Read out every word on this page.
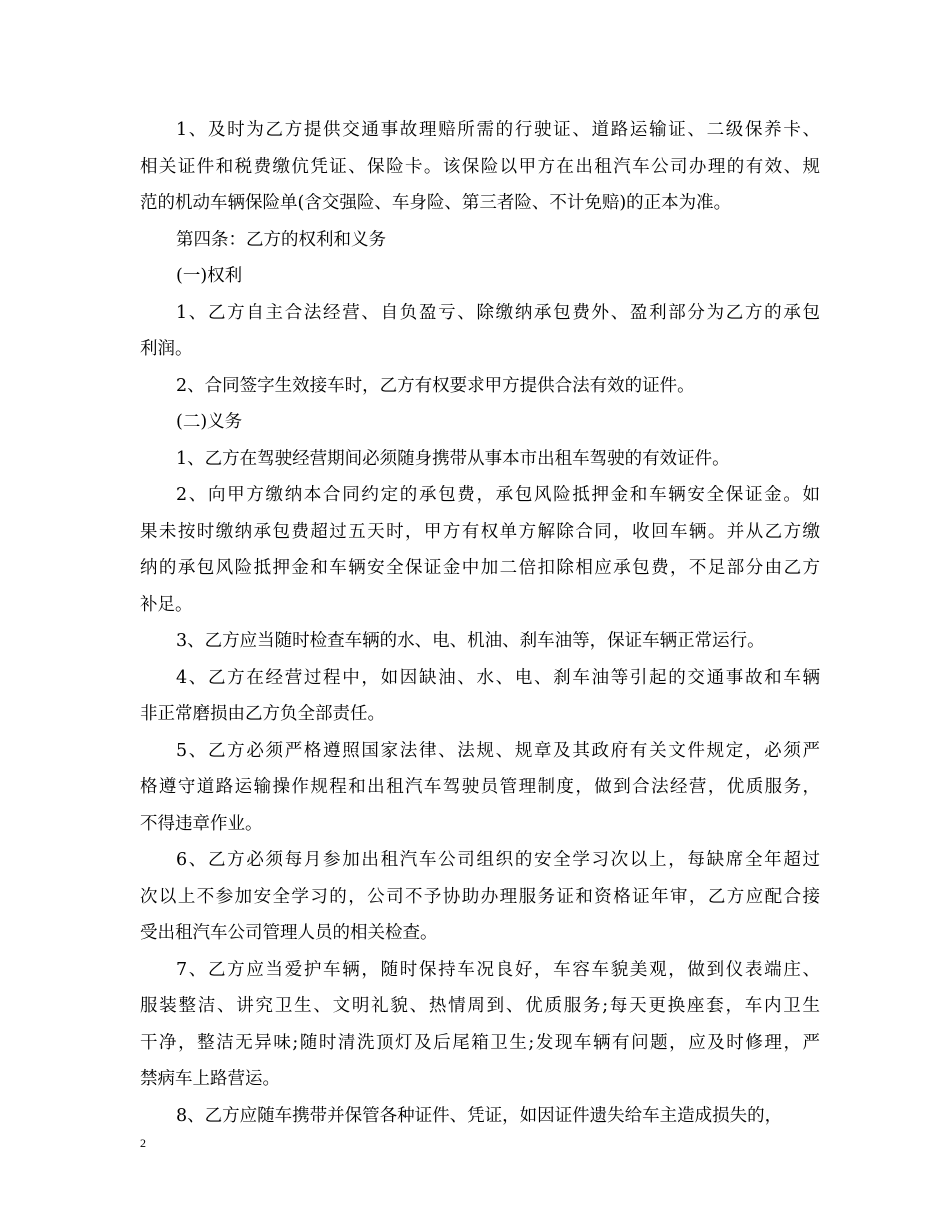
1、及时为乙方提供交通事故理赔所需的行驶证、道路运输证、二级保养卡、
相关证件和税费缴伉凭证、保险卡。该保险以甲方在出租汽车公司办理的有效、规
范的机动车辆保险单(含交强险、车身险、第三者险、不计免赔)的正本为准。
第四条：乙方的权利和义务
(一)权利
1、乙方自主合法经营、自负盈亏、除缴纳承包费外、盈利部分为乙方的承包
利润。
2、合同签字生效接车时，乙方有权要求甲方提供合法有效的证件。
(二)义务
1、乙方在驾驶经营期间必须随身携带从事本市出租车驾驶的有效证件。
2、向甲方缴纳本合同约定的承包费，承包风险抵押金和车辆安全保证金。如
果未按时缴纳承包费超过五天时，甲方有权单方解除合同，收回车辆。并从乙方缴
纳的承包风险抵押金和车辆安全保证金中加二倍扣除相应承包费，不足部分由乙方
补足。
3、乙方应当随时检查车辆的水、电、机油、刹车油等，保证车辆正常运行。
4、乙方在经营过程中，如因缺油、水、电、刹车油等引起的交通事故和车辆
非正常磨损由乙方负全部责任。
5、乙方必须严格遵照国家法律、法规、规章及其政府有关文件规定，必须严
格遵守道路运输操作规程和出租汽车驾驶员管理制度，做到合法经营，优质服务，
不得违章作业。
6、乙方必须每月参加出租汽车公司组织的安全学习次以上，每缺席全年超过
次以上不参加安全学习的，公司不予协助办理服务证和资格证年审，乙方应配合接
受出租汽车公司管理人员的相关检查。
7、乙方应当爱护车辆，随时保持车况良好，车容车貌美观，做到仪表端庄、
服装整洁、讲究卫生、文明礼貌、热情周到、优质服务;每天更换座套，车内卫生
干净，整洁无异味;随时清洗顶灯及后尾箱卫生;发现车辆有问题，应及时修理，严
禁病车上路营运。
8、乙方应随车携带并保管各种证件、凭证，如因证件遗失给车主造成损失的，
2
